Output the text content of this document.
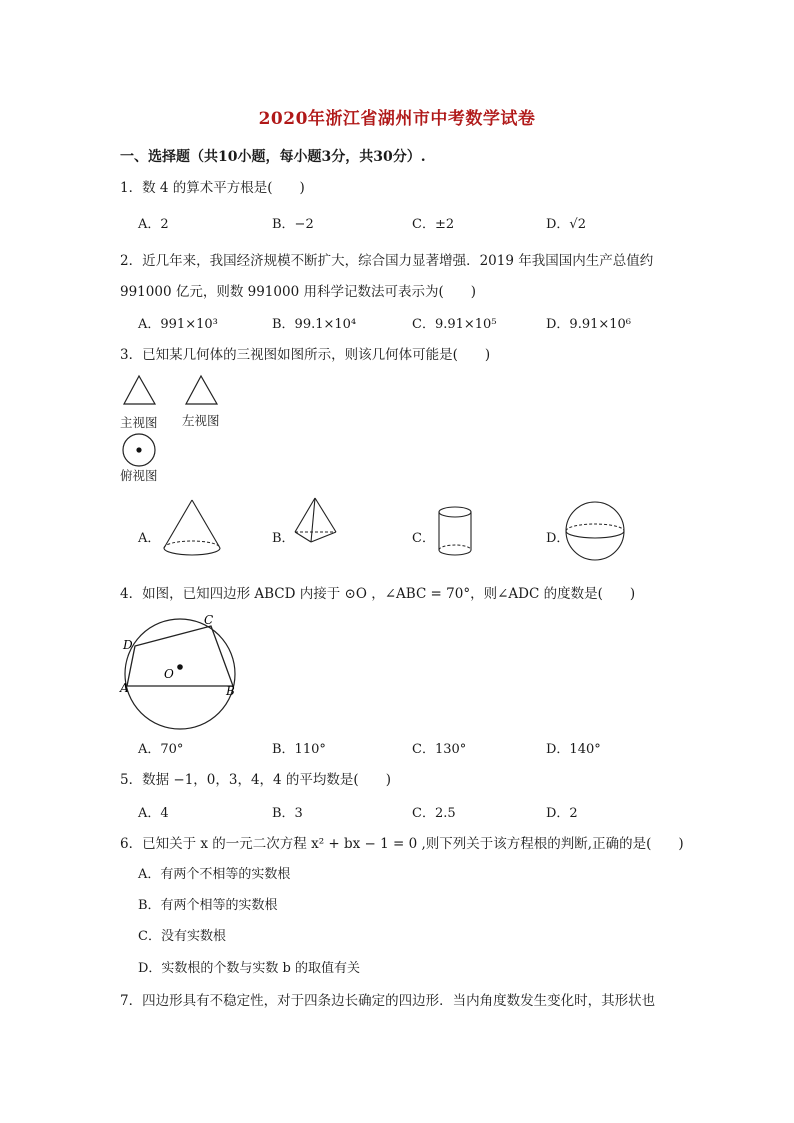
2020年浙江省湖州市中考数学试卷
一、选择题（共10小题，每小题3分，共30分）.
1．数 4 的算术平方根是(　　)
A．2	B．−2	C．±2	D．√2
2．近几年来，我国经济规模不断扩大，综合国力显著增强．2019 年我国国内生产总值约
991000 亿元，则数 991000 用科学记数法可表示为(　　)
A．991×10³	B．99.1×10⁴	C．9.91×10⁵	D．9.91×10⁶
3．已知某几何体的三视图如图所示，则该几何体可能是(　　)
主视图 左视图
俯视图
A．	B．	C．	D．
4．如图，已知四边形 ABCD 内接于 ⊙O ，∠ABC = 70°，则∠ADC 的度数是(　　)
A	B
C
D
O
A．70°	B．110°	C．130°	D．140°
5．数据 −1，0，3，4，4 的平均数是(　　)
A．4	B．3	C．2.5	D．2
6．已知关于 x 的一元二次方程 x² + bx − 1 = 0 ,则下列关于该方程根的判断,正确的是(　　)
A．有两个不相等的实数根
B．有两个相等的实数根
C．没有实数根
D．实数根的个数与实数 b 的取值有关
7．四边形具有不稳定性，对于四条边长确定的四边形．当内角度数发生变化时，其形状也
